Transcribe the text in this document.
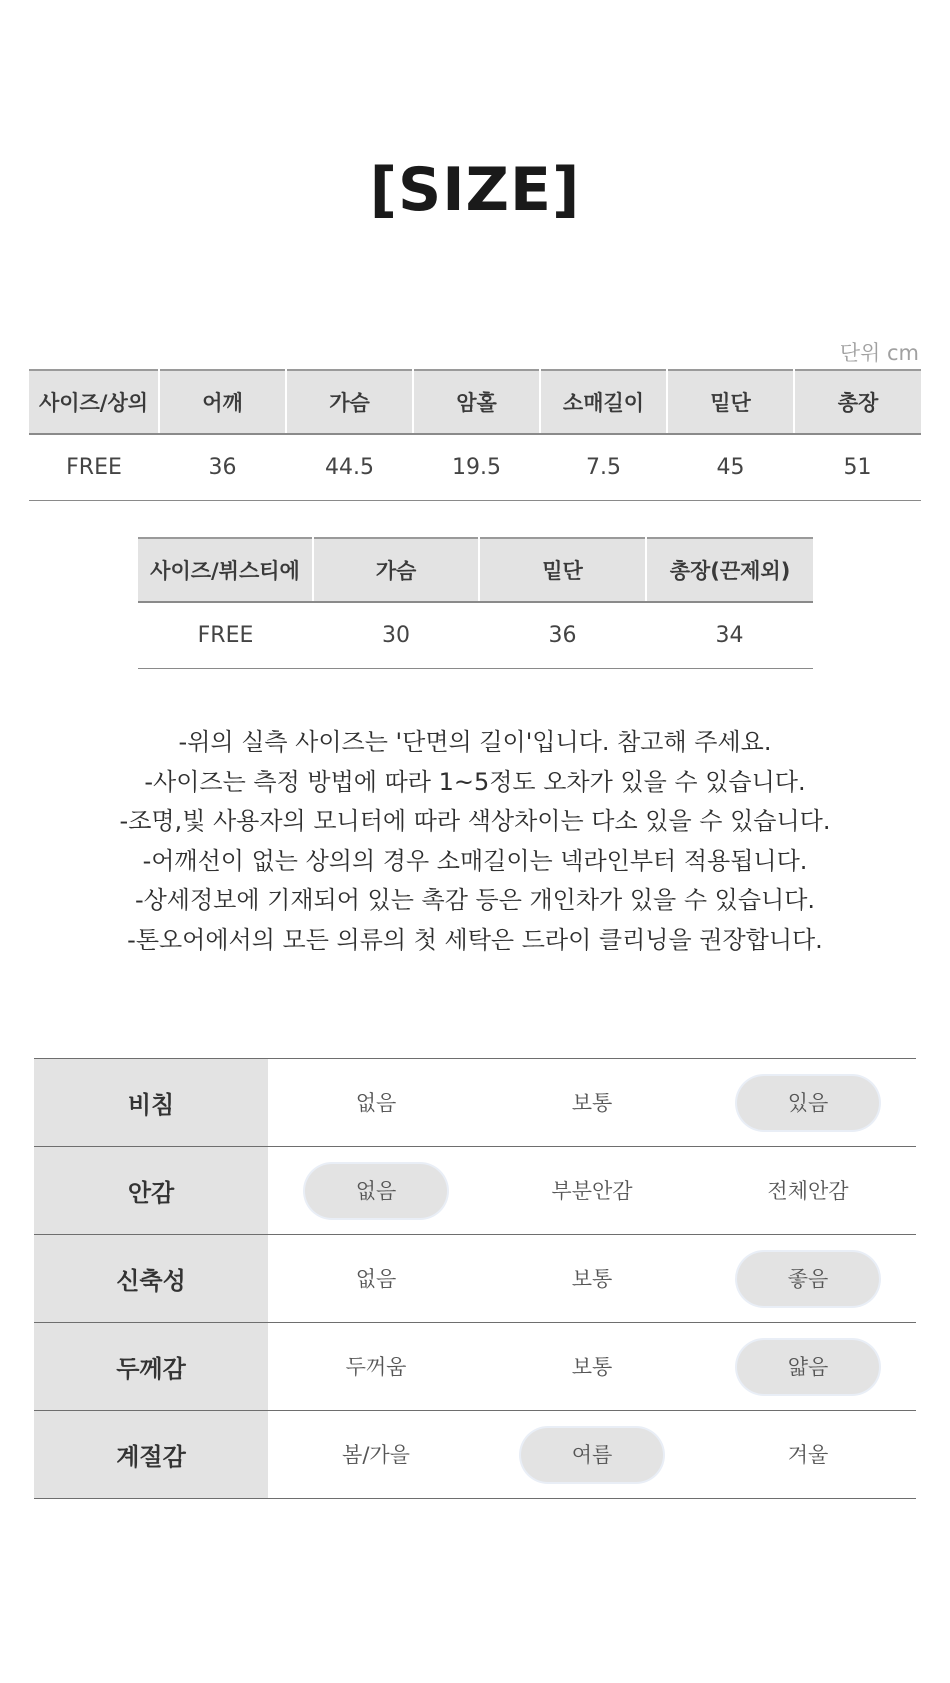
[SIZE]
단위 cm
사이즈/상의	어깨	가슴	암홀	소매길이	밑단	총장
FREE	36	44.5	19.5	7.5	45	51
사이즈/뷔스티에	가슴	밑단	총장(끈제외)
FREE	30	36	34
-위의 실측 사이즈는 '단면의 길이'입니다. 참고해 주세요.
-사이즈는 측정 방법에 따라 1~5정도 오차가 있을 수 있습니다.
-조명,빛 사용자의 모니터에 따라 색상차이는 다소 있을 수 있습니다.
-어깨선이 없는 상의의 경우 소매길이는 넥라인부터 적용됩니다.
-상세정보에 기재되어 있는 촉감 등은 개인차가 있을 수 있습니다.
-톤오어에서의 모든 의류의 첫 세탁은 드라이 클리닝을 권장합니다.
비침	없음	보통	있음
안감	없음	부분안감	전체안감
신축성	없음	보통	좋음
두께감	두꺼움	보통	얇음
계절감	봄/가을	여름	겨울
